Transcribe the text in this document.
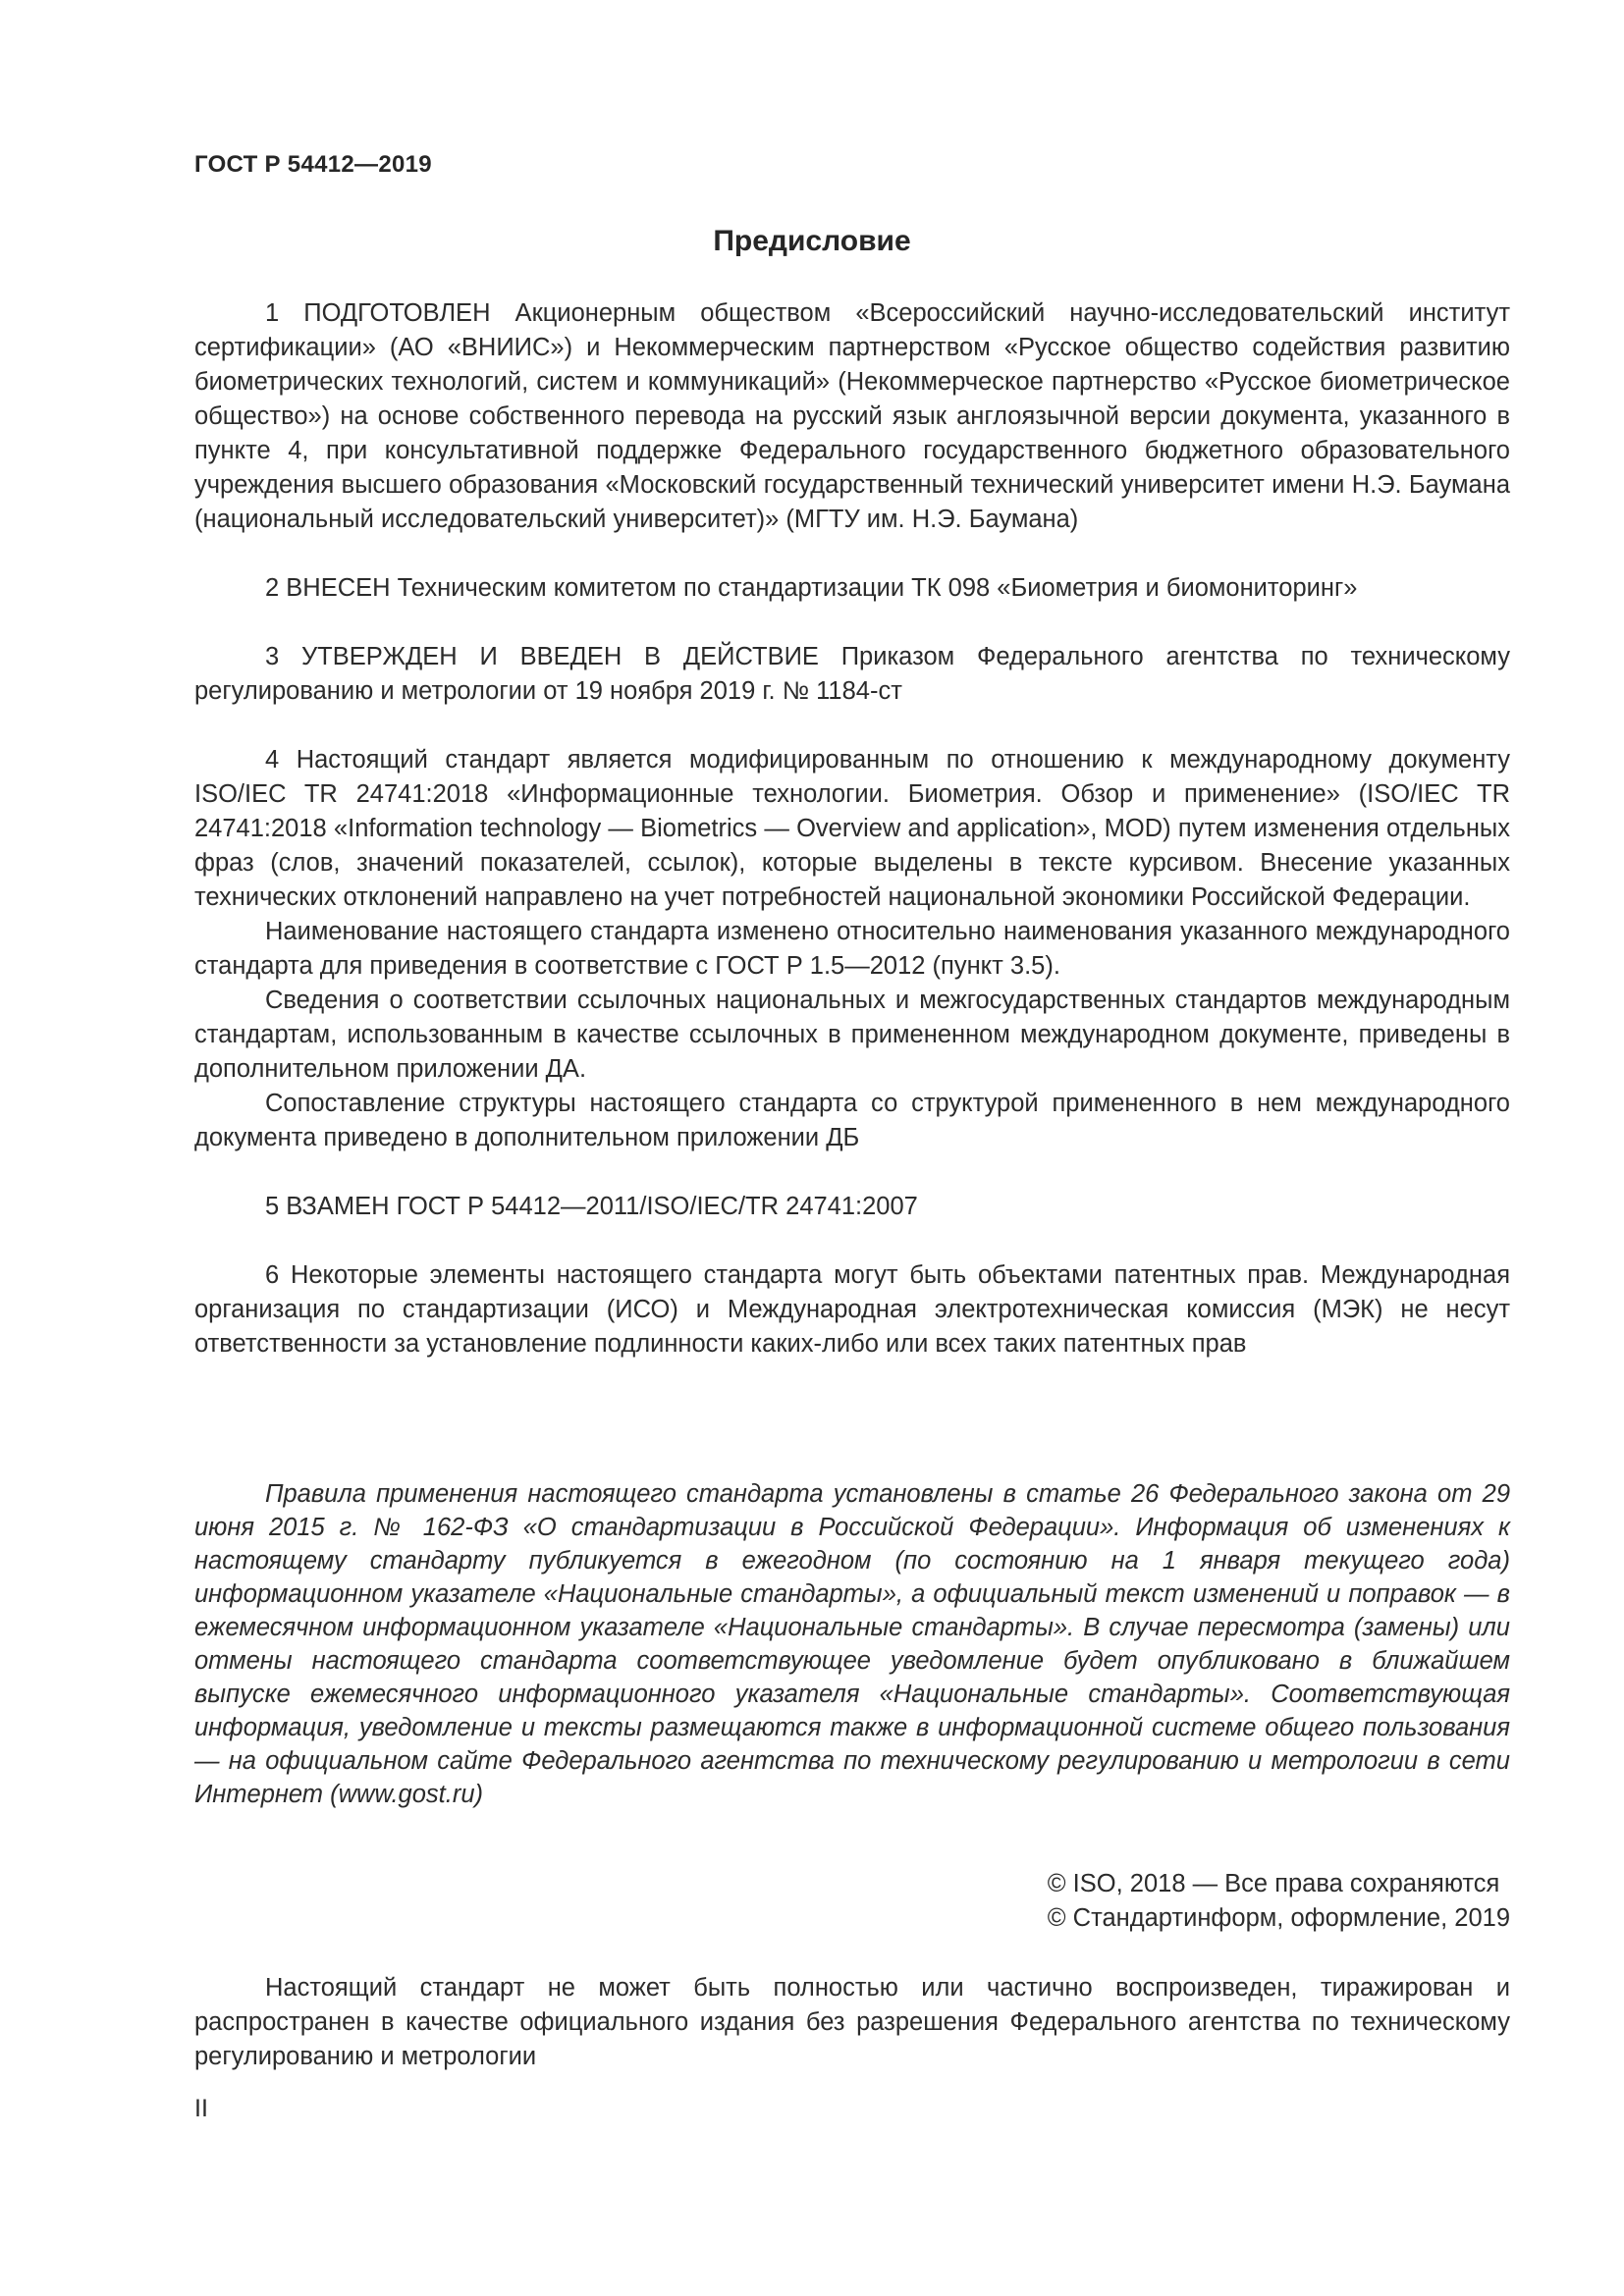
ГОСТ Р 54412—2019
Предисловие

1 ПОДГОТОВЛЕН Акционерным обществом «Всероссийский научно-исследовательский институт сертификации» (АО «ВНИИС») и Некоммерческим партнерством «Русское общество содействия развитию биометрических технологий, систем и коммуникаций» (Некоммерческое партнерство «Русское биометрическое общество») на основе собственного перевода на русский язык англоязычной версии документа, указанного в пункте 4, при консультативной поддержке Федерального государственного бюджетного образовательного учреждения высшего образования «Московский государственный технический университет имени Н.Э. Баумана (национальный исследовательский университет)» (МГТУ им. Н.Э. Баумана)

2 ВНЕСЕН Техническим комитетом по стандартизации ТК 098 «Биометрия и биомониторинг»

3 УТВЕРЖДЕН И ВВЕДЕН В ДЕЙСТВИЕ Приказом Федерального агентства по техническому регулированию и метрологии от 19 ноября 2019 г. № 1184-ст

4 Настоящий стандарт является модифицированным по отношению к международному документу ISO/IEC TR 24741:2018 «Информационные технологии. Биометрия. Обзор и применение» (ISO/IEC TR 24741:2018 «Information technology — Biometrics — Overview and application», MOD) путем изменения отдельных фраз (слов, значений показателей, ссылок), которые выделены в тексте курсивом. Внесение указанных технических отклонений направлено на учет потребностей национальной экономики Российской Федерации.

Наименование настоящего стандарта изменено относительно наименования указанного международного стандарта для приведения в соответствие с ГОСТ Р 1.5—2012 (пункт 3.5).

Сведения о соответствии ссылочных национальных и межгосударственных стандартов международным стандартам, использованным в качестве ссылочных в примененном международном документе, приведены в дополнительном приложении ДА.

Сопоставление структуры настоящего стандарта со структурой примененного в нем международного документа приведено в дополнительном приложении ДБ

5 ВЗАМЕН ГОСТ Р 54412—2011/ISO/IEC/TR 24741:2007

6 Некоторые элементы настоящего стандарта могут быть объектами патентных прав. Международная организация по стандартизации (ИСО) и Международная электротехническая комиссия (МЭК) не несут ответственности за установление подлинности каких-либо или всех таких патентных прав

Правила применения настоящего стандарта установлены в статье 26 Федерального закона от 29 июня 2015 г. № 162-ФЗ «О стандартизации в Российской Федерации». Информация об изменениях к настоящему стандарту публикуется в ежегодном (по состоянию на 1 января текущего года) информационном указателе «Национальные стандарты», а официальный текст изменений и поправок — в ежемесячном информационном указателе «Национальные стандарты». В случае пересмотра (замены) или отмены настоящего стандарта соответствующее уведомление будет опубликовано в ближайшем выпуске ежемесячного информационного указателя «Национальные стандарты». Соответствующая информация, уведомление и тексты размещаются также в информационной системе общего пользования — на официальном сайте Федерального агентства по техническому регулированию и метрологии в сети Интернет (www.gost.ru)

© ISO, 2018 — Все права сохраняются
© Стандартинформ, оформление, 2019

Настоящий стандарт не может быть полностью или частично воспроизведен, тиражирован и распространен в качестве официального издания без разрешения Федерального агентства по техническому регулированию и метрологии

II
